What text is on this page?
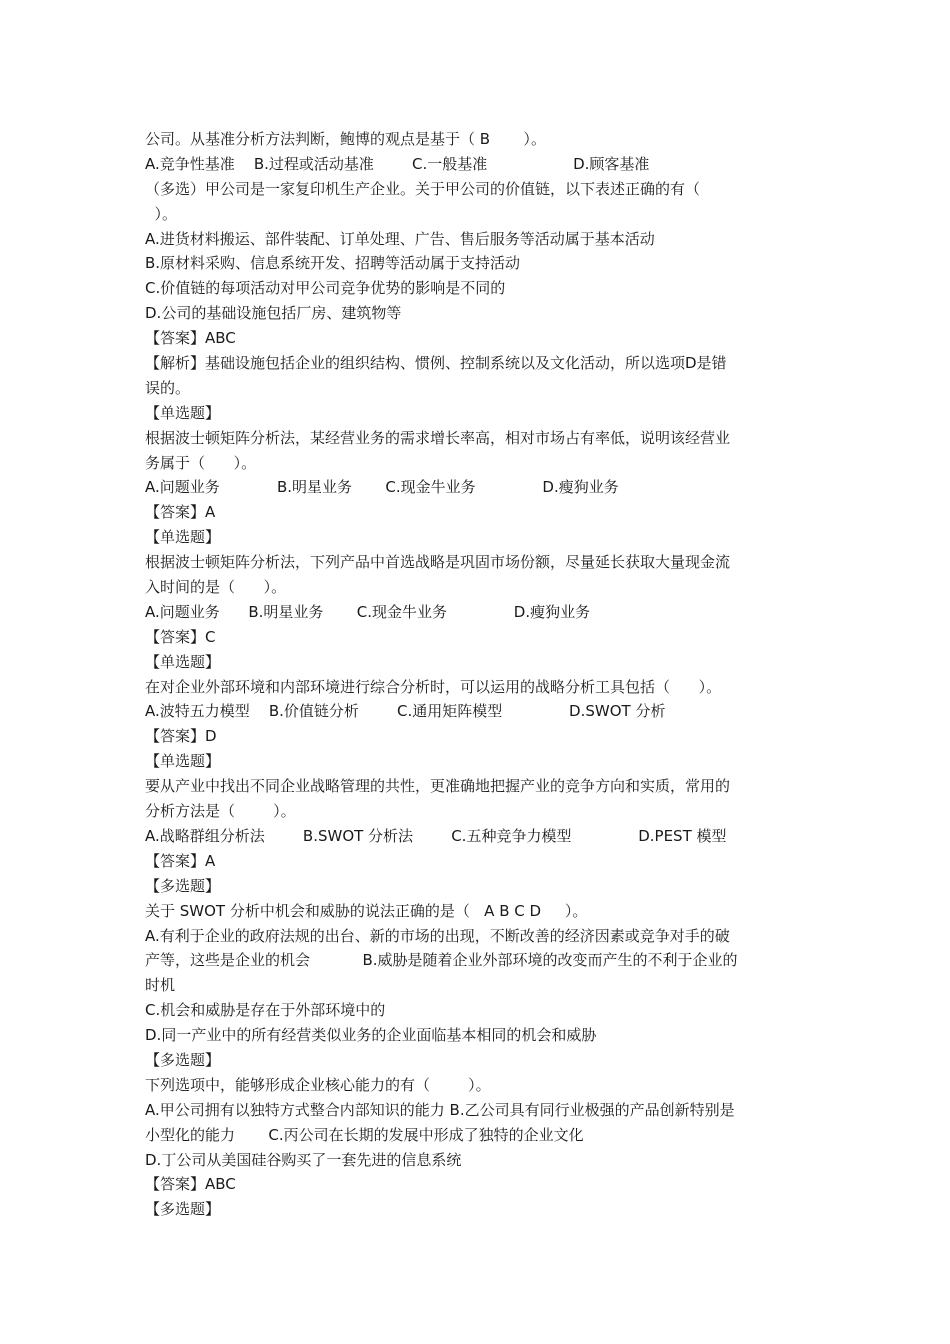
公司。从基准分析方法判断，鲍博的观点是基于（ B       ）。
A.竞争性基准    B.过程或活动基准        C.一般基准                  D.顾客基准
（多选）甲公司是一家复印机生产企业。关于甲公司的价值链，以下表述正确的有（
）。
A.进货材料搬运、部件装配、订单处理、广告、售后服务等活动属于基本活动
B.原材料采购、信息系统开发、招聘等活动属于支持活动
C.价值链的每项活动对甲公司竞争优势的影响是不同的
D.公司的基础设施包括厂房、建筑物等
【答案】ABC
【解析】基础设施包括企业的组织结构、惯例、控制系统以及文化活动，所以选项D是错
误的。
【单选题】
根据波士顿矩阵分析法，某经营业务的需求增长率高，相对市场占有率低，说明该经营业
务属于（      ）。
A.问题业务            B.明星业务       C.现金牛业务              D.瘦狗业务
【答案】A
【单选题】
根据波士顿矩阵分析法，下列产品中首选战略是巩固市场份额，尽量延长获取大量现金流
入时间的是（      ）。
A.问题业务      B.明星业务       C.现金牛业务              D.瘦狗业务
【答案】C
【单选题】
在对企业外部环境和内部环境进行综合分析时，可以运用的战略分析工具包括（      ）。
A.波特五力模型    B.价值链分析        C.通用矩阵模型              D.SWOT 分析
【答案】D
【单选题】
要从产业中找出不同企业战略管理的共性，更准确地把握产业的竞争方向和实质，常用的
分析方法是（        ）。
A.战略群组分析法        B.SWOT 分析法        C.五种竞争力模型              D.PEST 模型
【答案】A
【多选题】
关于 SWOT 分析中机会和威胁的说法正确的是（   A B C D     ）。
A.有利于企业的政府法规的出台、新的市场的出现，不断改善的经济因素或竞争对手的破
产等，这些是企业的机会           B.威胁是随着企业外部环境的改变而产生的不利于企业的
时机
C.机会和威胁是存在于外部环境中的
D.同一产业中的所有经营类似业务的企业面临基本相同的机会和威胁
【多选题】
下列选项中，能够形成企业核心能力的有（        ）。
A.甲公司拥有以独特方式整合内部知识的能力 B.乙公司具有同行业极强的产品创新特别是
小型化的能力       C.丙公司在长期的发展中形成了独特的企业文化
D.丁公司从美国硅谷购买了一套先进的信息系统
【答案】ABC
【多选题】
